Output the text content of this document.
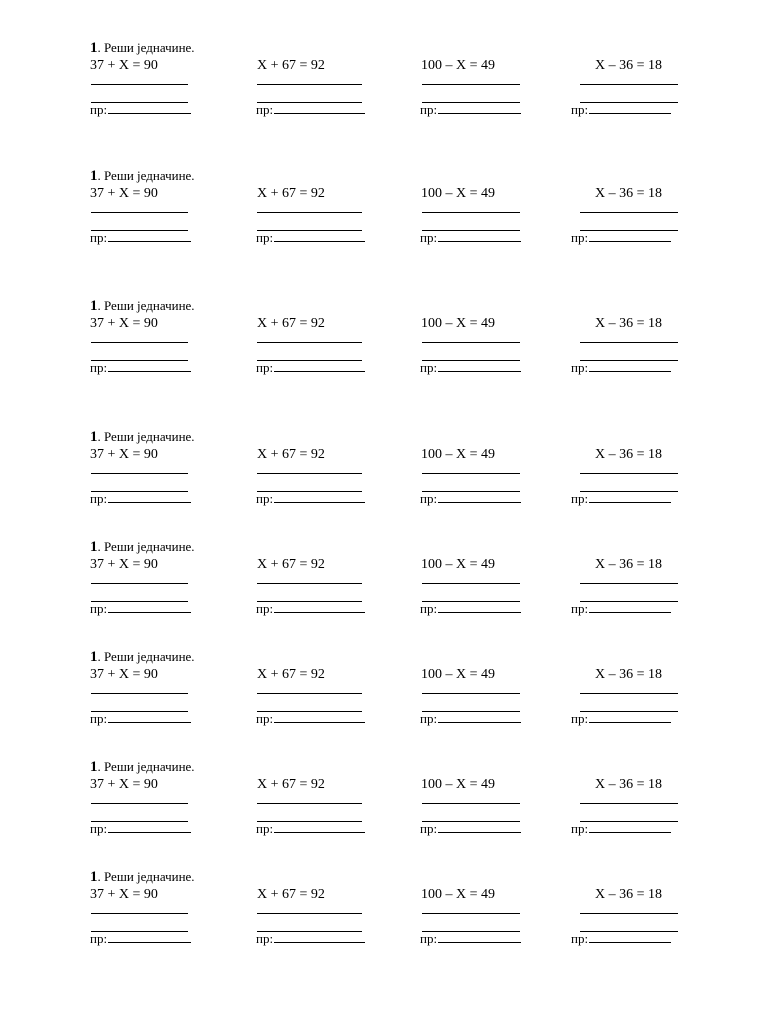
1. Реши једначине.
37 + X = 90
пр:
X + 67 = 92
пр:
100 – X = 49
пр:
X – 36 = 18
пр:
1. Реши једначине.
37 + X = 90
пр:
X + 67 = 92
пр:
100 – X = 49
пр:
X – 36 = 18
пр:
1. Реши једначине.
37 + X = 90
пр:
X + 67 = 92
пр:
100 – X = 49
пр:
X – 36 = 18
пр:
1. Реши једначине.
37 + X = 90
пр:
X + 67 = 92
пр:
100 – X = 49
пр:
X – 36 = 18
пр:
1. Реши једначине.
37 + X = 90
пр:
X + 67 = 92
пр:
100 – X = 49
пр:
X – 36 = 18
пр:
1. Реши једначине.
37 + X = 90
пр:
X + 67 = 92
пр:
100 – X = 49
пр:
X – 36 = 18
пр:
1. Реши једначине.
37 + X = 90
пр:
X + 67 = 92
пр:
100 – X = 49
пр:
X – 36 = 18
пр:
1. Реши једначине.
37 + X = 90
пр:
X + 67 = 92
пр:
100 – X = 49
пр:
X – 36 = 18
пр:
